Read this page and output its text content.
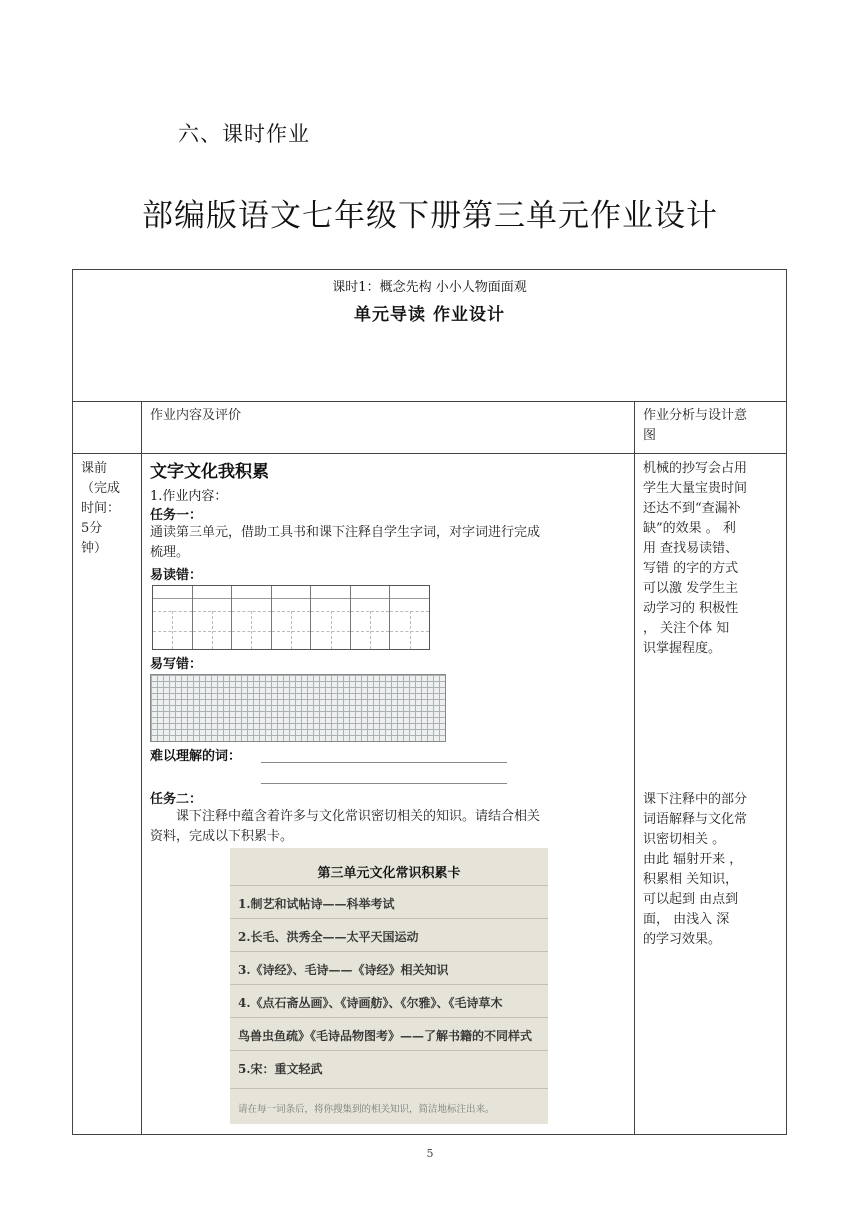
六、课时作业
部编版语文七年级下册第三单元作业设计
课时1：概念先构 小小人物面面观
单元导读 作业设计
作业内容及评价	作业分析与设计意
图
课前
（完成
时间：
5分
钟）
文字文化我积累
1.作业内容：
任务一：
通读第三单元，借助工具书和课下注释自学生字词，对字词进行完成
梳理。
易读错：
易写错：
难以理解的词：
任务二：
课下注释中蕴含着许多与文化常识密切相关的知识。请结合相关
资料，完成以下积累卡。
第三单元文化常识积累卡
1.制艺和试帖诗——科举考试
2.长毛、洪秀全——太平天国运动
3.《诗经》、毛诗——《诗经》相关知识
4.《点石斋丛画》、《诗画舫》、《尔雅》、《毛诗草木
鸟兽虫鱼疏》《毛诗品物图考》——了解书籍的不同样式
5.宋：重文轻武
请在每一词条后，将你搜集到的相关知识，简洁地标注出来。
机械的抄写会占用
学生大量宝贵时间
还达不到“查漏补
缺”的效果 。 利
用 查找易读错、
写错 的字的方式
可以激 发学生主
动学习的 积极性
， 关注个体 知
识掌握程度。
课下注释中的部分
词语解释与文化常
识密切相关 。
由此 辐射开来 ，
积累相 关知识，
可以起到 由点到
面， 由浅入 深
的学习效果。
5
